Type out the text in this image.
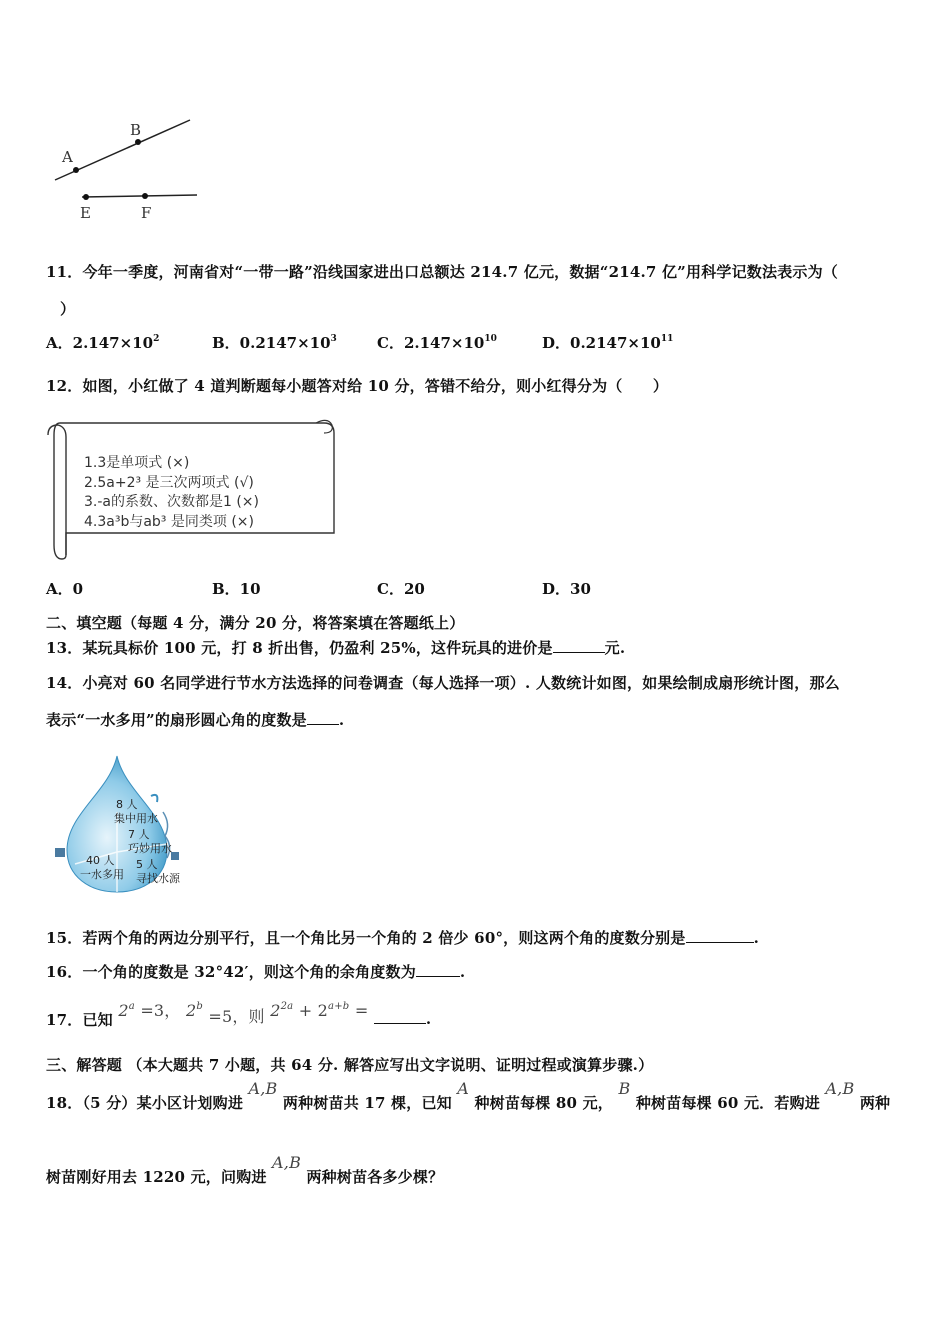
A
B
E	F
11．今年一季度，河南省对“一带一路”沿线国家进出口总额达 214.7 亿元，数据“214.7 亿”用科学记数法表示为（
）
A．$2.147\times 10^2$	B．$0.2147\times 10^3$	C．$2.147\times 10^{10}$	D．$0.2147\times 10^{11}$
12．如图，小红做了 4 道判断题每小题答对给 10 分，答错不给分，则小红得分为（　　）
1.3是单项式 (×)
2.5a+2³ 是三次两项式 (√)
3.-a的系数、次数都是1 (×)
4.3a³b与ab³ 是同类项 (×)
A．0	B．10	C．20	D．30
二、填空题（每题 4 分，满分 20 分，将答案填在答题纸上）
13．某玩具标价 100 元，打 8 折出售，仍盈利 25%，这件玩具的进价是	元.
14．小亮对 60 名同学进行节水方法选择的问卷调查（每人选择一项）. 人数统计如图，如果绘制成扇形统计图，那么
表示“一水多用”的扇形圆心角的度数是 .
8 人
集中用水
7 人
巧妙用水
40 人
一水多用
5 人
寻找水源
15．若两个角的两边分别平行，且一个角比另一个角的 2 倍少 60°，则这两个角的度数分别是	.
16．一个角的度数是 32°42′，则这个角的余角度数为	.
17．已知 $2^a =3$， $2^b =5$，则 $2^{2a} + 2^{a+b}$ =	.
三、解答题 （本大题共 7 小题，共 64 分. 解答应写出文字说明、证明过程或演算步骤.）
18．（5 分）某小区计划购进 A,B 两种树苗共 17 棵，已知 A 种树苗每棵 80 元， B 种树苗每棵 60 元．若购进 A,B 两种
树苗刚好用去 1220 元，问购进 A,B 两种树苗各多少棵？
